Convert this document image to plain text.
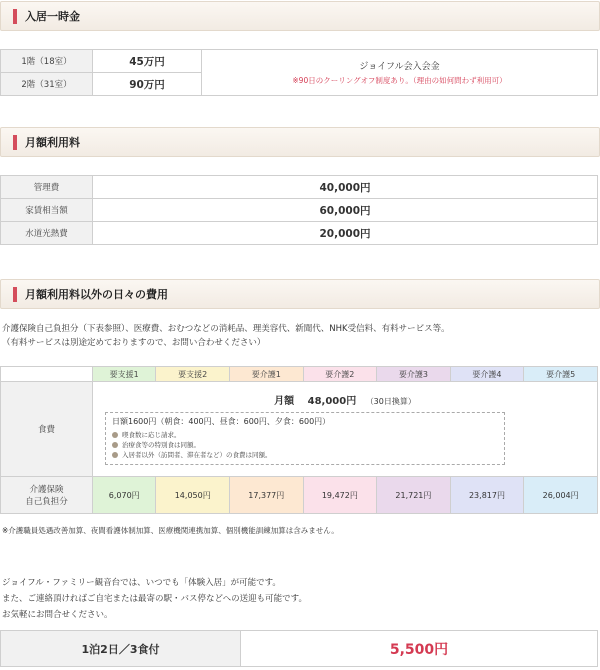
入居一時金
1階（18室）	45万円	ジョイフル会入会金
※90日のクーリングオフ制度あり。（理由の如何問わず利用可）

2階（31室）	90万円	
月額利用料
管理費	40,000円
家賃相当額	60,000円
水道光熱費	20,000円
月額利用料以外の日々の費用
介護保険自己負担分（下表参照）、医療費、おむつなどの消耗品、理美容代、新聞代、NHK受信料、有料サービス等。
（有料サービスは別途定めておりますので、お問い合わせください）
	要支援1	要支援2	要介護1	要介護2	要介護3	要介護4	要介護5
食費	月額 48,000円 （30日換算）
日額1600円（朝食：400円、昼食：600円、夕食：600円）
喫食数に応じ請求。
治療食等の特別食は同額。
入居者以外（訪問者、滞在者など）の食費は同額。						

介護保険
自己負担分	6,070円	14,050円	17,377円	19,472円	21,721円	23,817円	26,004円
※介護職員処遇改善加算、夜間看護体制加算、医療機関連携加算、個別機能訓練加算は含みません。
ジョイフル・ファミリー観音台では、いつでも「体験入居」が可能です。
また、ご連絡頂ければご自宅または最寄の駅・バス停などへの送迎も可能です。
お気軽にお問合せください。
1泊2日／3食付	5,500円
